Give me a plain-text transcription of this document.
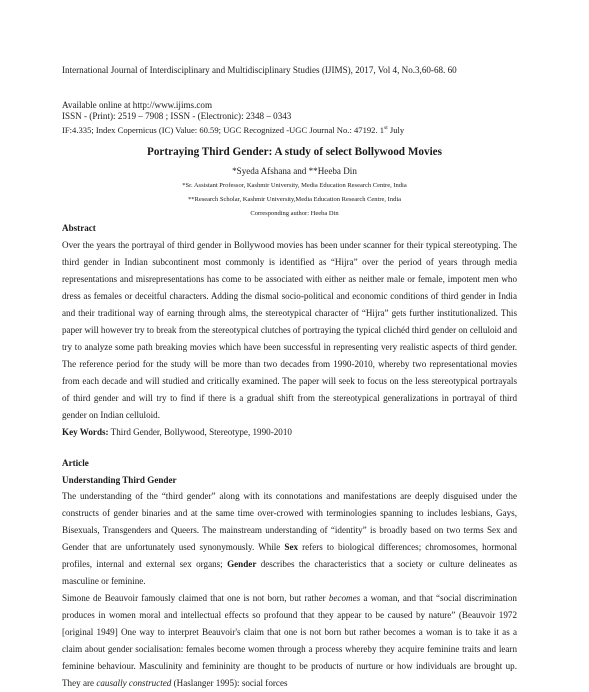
International Journal of Interdisciplinary and Multidisciplinary Studies (IJIMS), 2017, Vol 4, No.3,60-68. 60
Available online at http://www.ijims.com
ISSN - (Print): 2519 – 7908 ; ISSN - (Electronic): 2348 – 0343
IF:4.335; Index Copernicus (IC) Value: 60.59; UGC Recognized -UGC Journal No.: 47192. 1st July
Portraying Third Gender: A study of select Bollywood Movies
*Syeda Afshana and **Heeba Din
*Sr. Assistant Professor, Kashmir University, Media Education Research Centre, India
**Research Scholar, Kashmir University,Media Education Research Centre, India
Corresponding author: Heeba Din
Abstract

Over the years the portrayal of third gender in Bollywood movies has been under scanner for their typical stereotyping. The third gender in Indian subcontinent most commonly is identified as “Hijra” over the period of years through media representations and misrepresentations has come to be associated with either as neither male or female, impotent men who dress as females or deceitful characters. Adding the dismal socio-political and economic conditions of third gender in India and their traditional way of earning through alms, the stereotypical character of “Hijra” gets further institutionalized. This paper will however try to break from the stereotypical clutches of portraying the typical clichéd third gender on celluloid and try to analyze some path breaking movies which have been successful in representing very realistic aspects of third gender. The reference period for the study will be more than two decades from 1990-2010, whereby two representational movies from each decade and will studied and critically examined. The paper will seek to focus on the less stereotypical portrayals of third gender and will try to find if there is a gradual shift from the stereotypical generalizations in portrayal of third gender on Indian celluloid.

Key Words: Third Gender, Bollywood, Stereotype, 1990-2010

Article
Understanding Third Gender

The understanding of the “third gender” along with its connotations and manifestations are deeply disguised under the constructs of gender binaries and at the same time over-crowed with terminologies spanning to includes lesbians, Gays, Bisexuals, Transgenders and Queers. The mainstream understanding of “identity” is broadly based on two terms Sex and Gender that are unfortunately used synonymously. While Sex refers to biological differences; chromosomes, hormonal profiles, internal and external sex organs; Gender describes the characteristics that a society or culture delineates as masculine or feminine.

Simone de Beauvoir famously claimed that one is not born, but rather becomes a woman, and that “social discrimination produces in women moral and intellectual effects so profound that they appear to be caused by nature” (Beauvoir 1972 [original 1949] One way to interpret Beauvoir's claim that one is not born but rather becomes a woman is to take it as a claim about gender socialisation: females become women through a process whereby they acquire feminine traits and learn feminine behaviour. Masculinity and femininity are thought to be products of nurture or how individuals are brought up. They are causally constructed (Haslanger 1995): social forces
